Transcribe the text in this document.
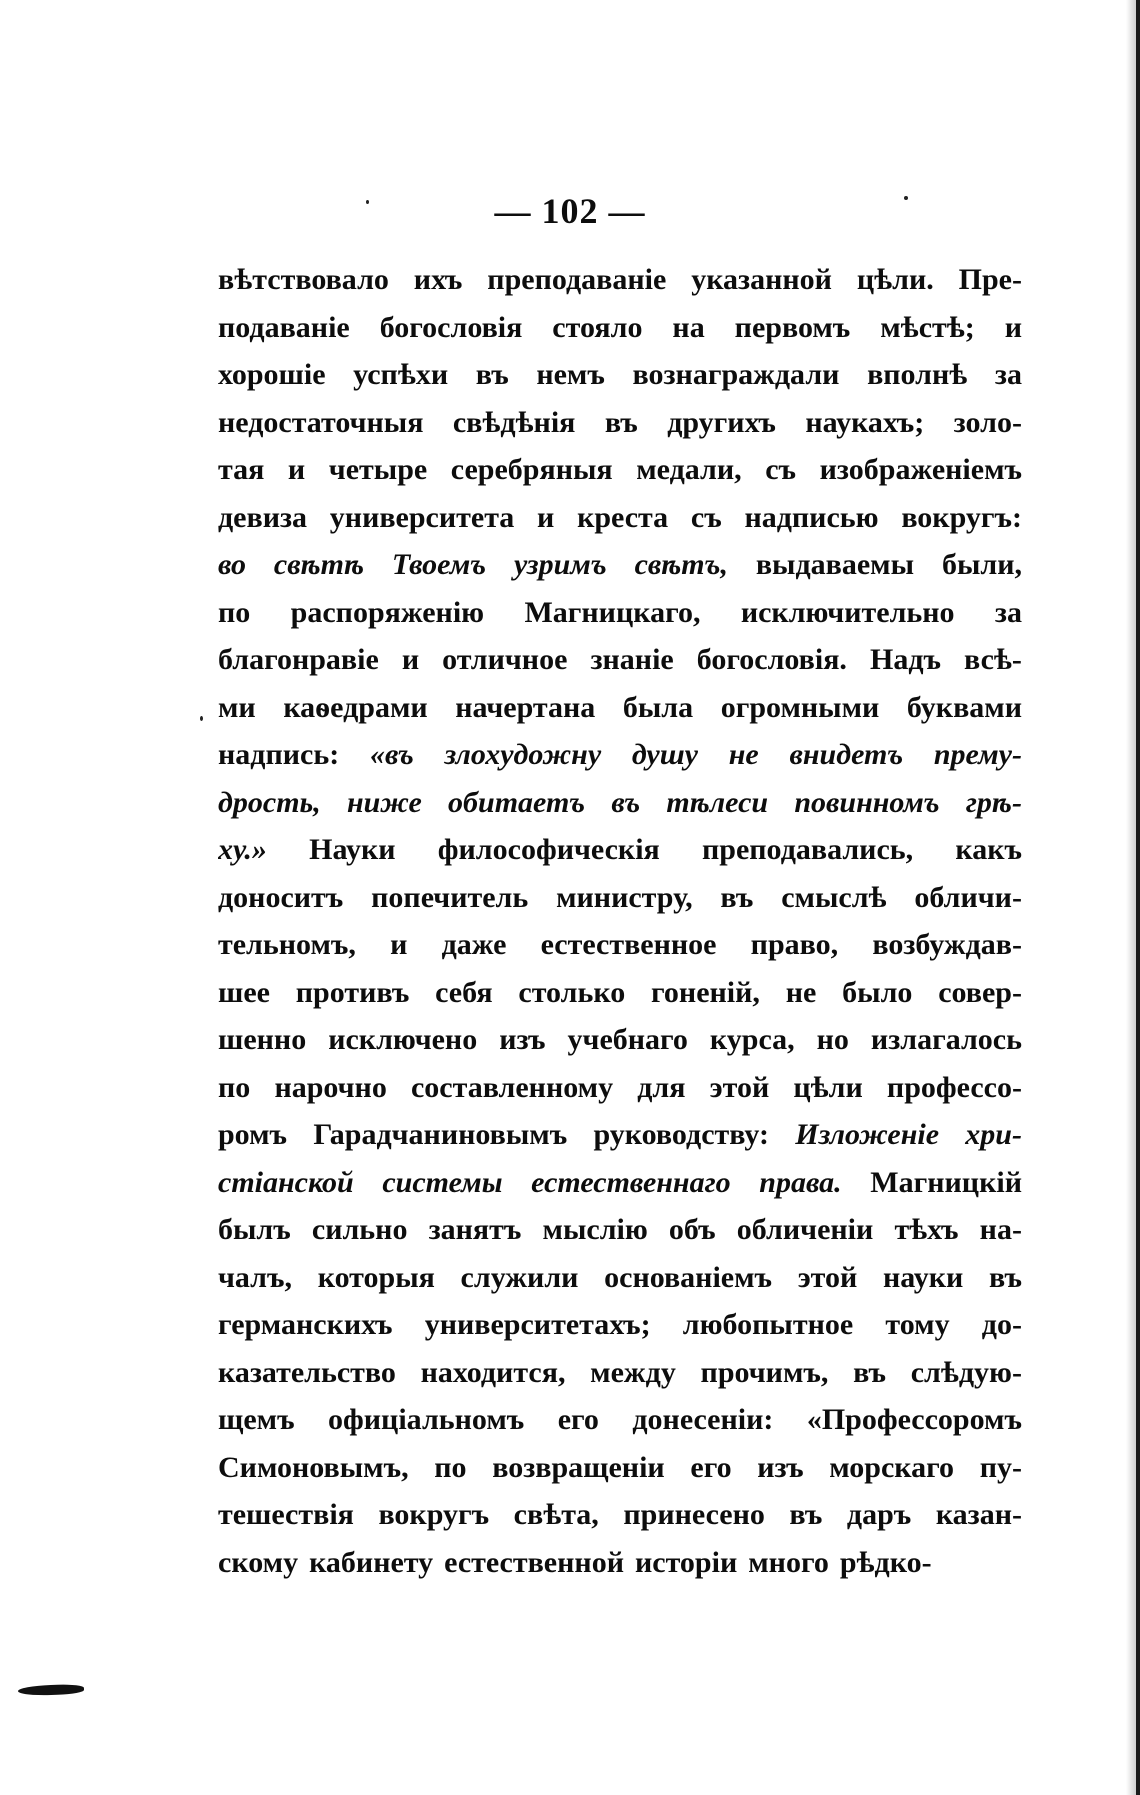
— 102 —
вѣтствовало ихъ преподаванiе указанной цѣли. Пре-
подаванiе богословiя стояло на первомъ мѣстѣ; и
хорошiе успѣхи въ немъ вознаграждали вполнѣ за
недостаточныя свѣдѣнiя въ другихъ наукахъ; золо-
тая и четыре серебряныя медали, съ изображенiемъ
девиза университета и креста съ надписью вокругъ:
во свѣтѣ Твоемъ узримъ свѣтъ, выдаваемы были,
по распоряженiю Магницкаго, исключительно за
благонравiе и отличное знанiе богословiя. Надъ всѣ-
ми каѳедрами начертана была огромными буквами
надпись: «въ злохудожну душу не внидетъ прему-
дрость, ниже обитаетъ въ тѣлеси повинномъ грѣ-
ху.» Науки философическiя преподавались, какъ
доноситъ попечитель министру, въ смыслѣ обличи-
тельномъ, и даже естественное право, возбуждав-
шее противъ себя столько гоненiй, не было совер-
шенно исключено изъ учебнаго курса, но излагалось
по нарочно составленному для этой цѣли профессо-
ромъ Гарадчаниновымъ руководству: Изложенiе хри-
стiанской системы естественнаго права. Магницкiй
былъ сильно занятъ мыслiю объ обличенiи тѣхъ на-
чалъ, которыя служили основанiемъ этой науки въ
германскихъ университетахъ; любопытное тому до-
казательство находится, между прочимъ, въ слѣдую-
щемъ офицiальномъ его донесенiи: «Профессоромъ
Симоновымъ, по возвращенiи его изъ морскаго пу-
тешествiя вокругъ свѣта, принесено въ даръ казан-
скому кабинету естественной исторiи много рѣдко-
